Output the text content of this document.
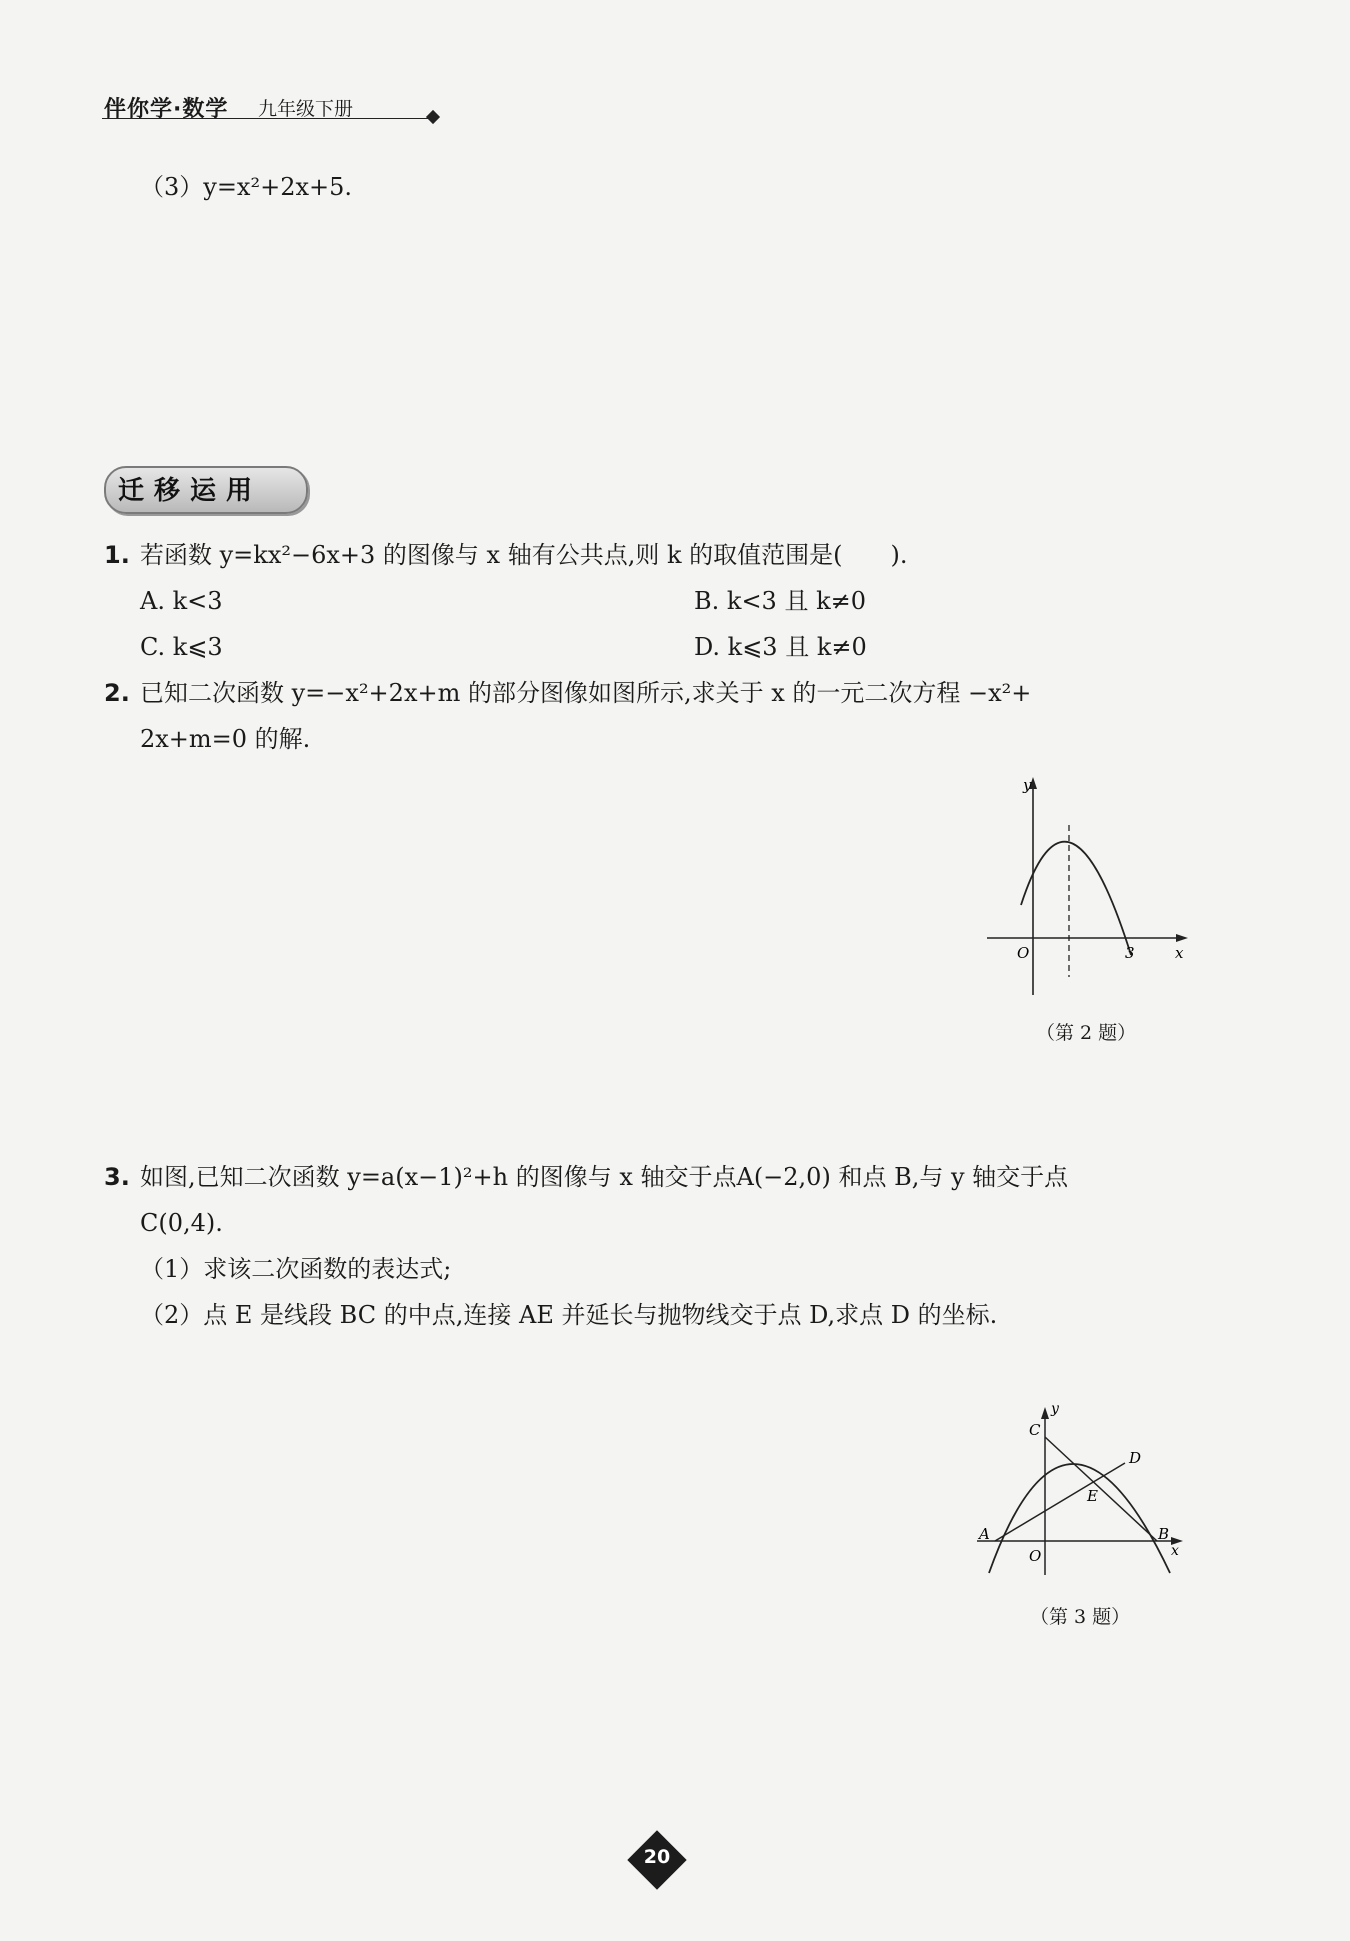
伴你学·数学 九年级下册
（3）y=x²+2x+5.
迁移运用
1. 若函数 y=kx²−6x+3 的图像与 x 轴有公共点,则 k 的取值范围是(　　).
A. k<3	B. k<3 且 k≠0
C. k⩽3	D. k⩽3 且 k≠0
2. 已知二次函数 y=−x²+2x+m 的部分图像如图所示,求关于 x 的一元二次方程 −x²+
2x+m=0 的解.
y
x
O	3
（第 2 题）
3. 如图,已知二次函数 y=a(x−1)²+h 的图像与 x 轴交于点A(−2,0) 和点 B,与 y 轴交于点
C(0,4).
（1）求该二次函数的表达式;
（2）点 E 是线段 BC 的中点,连接 AE 并延长与抛物线交于点 D,求点 D 的坐标.
C
D
E
A	B
O	x
y
（第 3 题）
20
